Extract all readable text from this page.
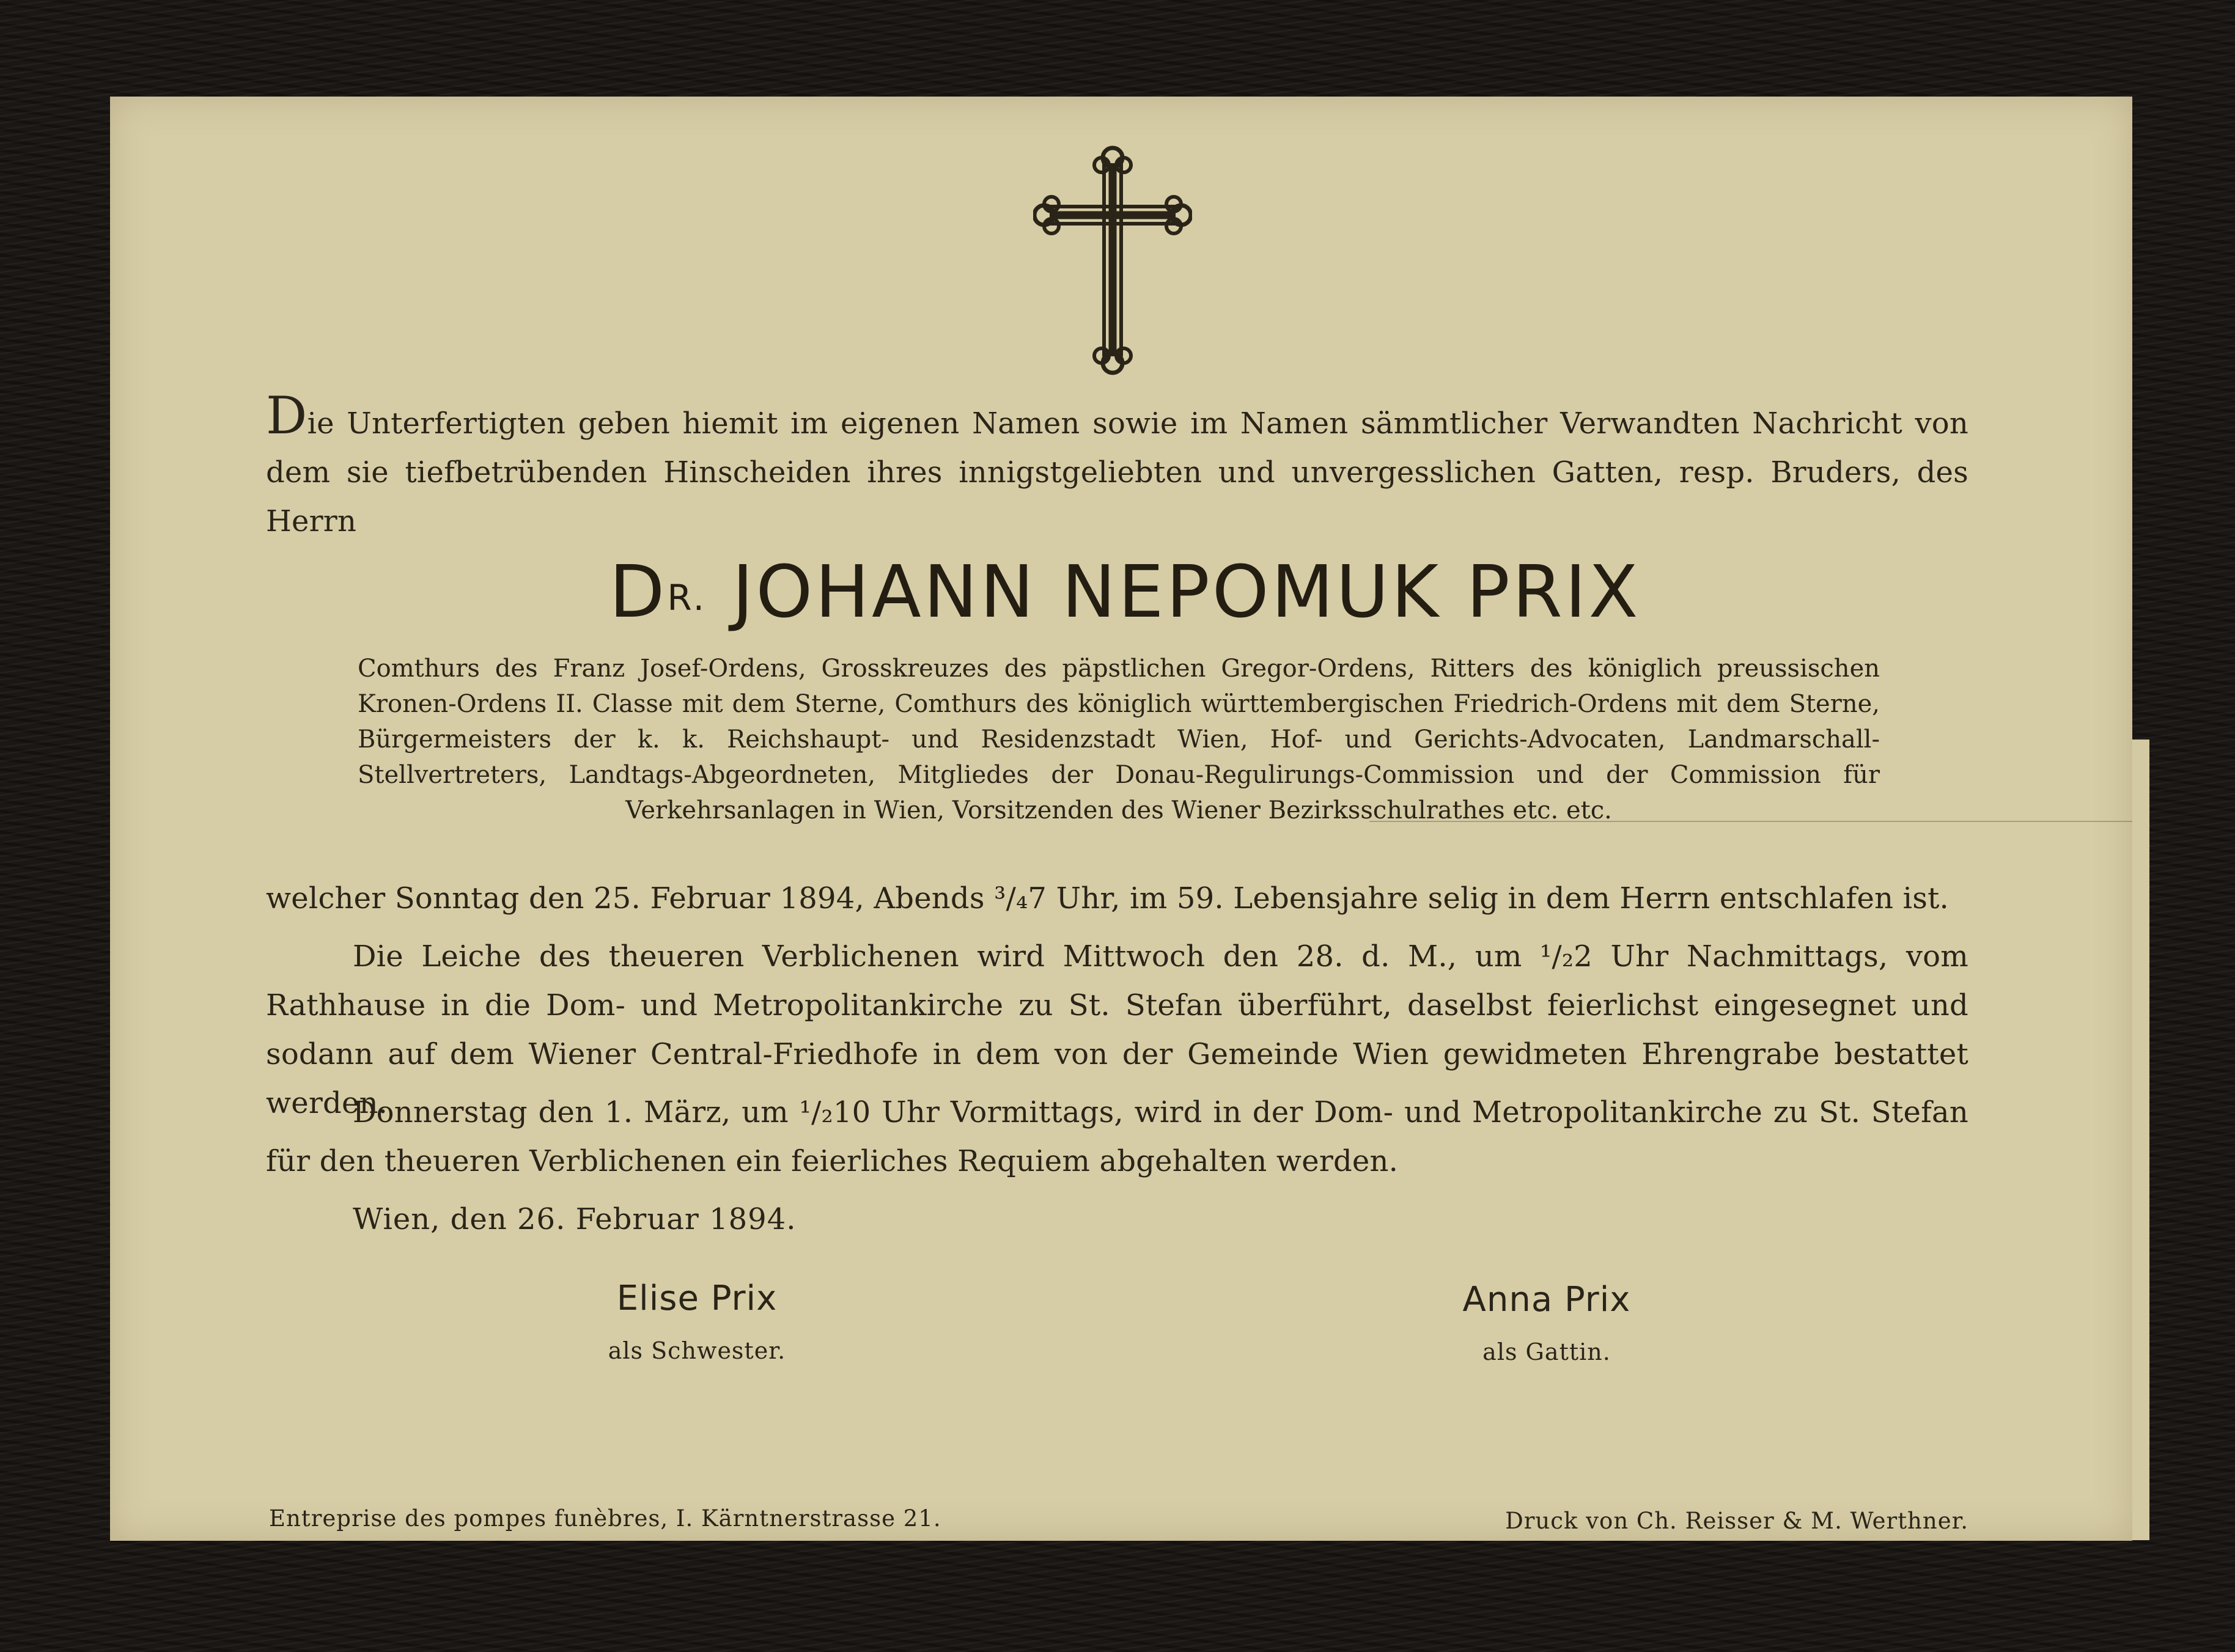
Die Unterfertigten geben hiemit im eigenen Namen sowie im Namen sämmtlicher Verwandten Nachricht von dem sie tiefbetrübenden Hinscheiden ihres innigstgeliebten und unvergesslichen Gatten, resp. Bruders, des Herrn
$D^{R.}$ JOHANN NEPOMUK PRIX
Comthurs des Franz Josef-Ordens, Grosskreuzes des päpstlichen Gregor-Ordens, Ritters des königlich preussischen Kronen-Ordens II. Classe mit dem Sterne, Comthurs des königlich württembergischen Friedrich-Ordens mit dem Sterne, Bürgermeisters der k. k. Reichshaupt- und Residenzstadt Wien, Hof- und Gerichts-Advocaten, Landmarschall-Stellvertreters, Landtags-Abgeordneten, Mitgliedes der Donau-Regulirungs-Commission und der Commission für Verkehrsanlagen in Wien, Vorsitzenden des Wiener Bezirksschulrathes etc. etc.
welcher Sonntag den 25. Februar 1894, Abends ³/₄7 Uhr, im 59. Lebensjahre selig in dem Herrn entschlafen ist.
Die Leiche des theueren Verblichenen wird Mittwoch den 28. d. M., um ¹/₂2 Uhr Nachmittags, vom Rathhause in die Dom- und Metropolitankirche zu St. Stefan überführt, daselbst feierlichst eingesegnet und sodann auf dem Wiener Central-Friedhofe in dem von der Gemeinde Wien gewidmeten Ehrengrabe bestattet werden.
Donnerstag den 1. März, um ¹/₂10 Uhr Vormittags, wird in der Dom- und Metropolitankirche zu St. Stefan für den theueren Verblichenen ein feierliches Requiem abgehalten werden.
Wien, den 26. Februar 1894.
Elise Prix
als Schwester.
Anna Prix
als Gattin.
Entreprise des pompes funèbres, I. Kärntnerstrasse 21.	Druck von Ch. Reisser & M. Werthner.
